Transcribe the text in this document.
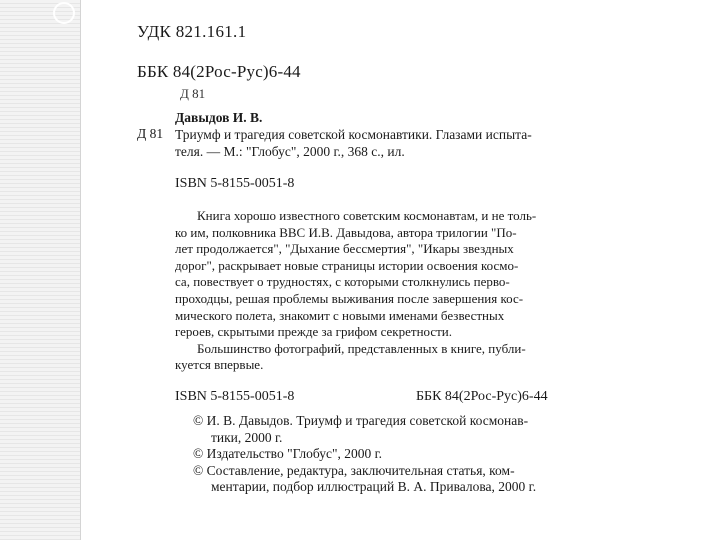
УДК 821.161.1
ББК 84(2Рос-Рус)6-44
Д 81
Давыдов И. В.
Д 81 Триумф и трагедия советской космонавтики. Глазами испыта-
теля. — М.: "Глобус", 2000 г., 368 с., ил.
ISBN 5-8155-0051-8
Книга хорошо известного советским космонавтам, и не толь-
ко им, полковника ВВС И.В. Давыдова, автора трилогии "По-
лет продолжается", "Дыхание бессмертия", "Икары звездных
дорог", раскрывает новые страницы истории освоения космо-
са, повествует о трудностях, с которыми столкнулись перво-
проходцы, решая проблемы выживания после завершения кос-
мического полета, знакомит с новыми именами безвестных
героев, скрытыми прежде за грифом секретности.
Большинство фотографий, представленных в книге, публи-
куется впервые.
ISBN 5-8155-0051-8	ББК 84(2Рос-Рус)6-44
© И. В. Давыдов. Триумф и трагедия советской космонав-
тики, 2000 г.
© Издательство "Глобус", 2000 г.
© Составление, редактура, заключительная статья, ком-
ментарии, подбор иллюстраций В. А. Привалова, 2000 г.
